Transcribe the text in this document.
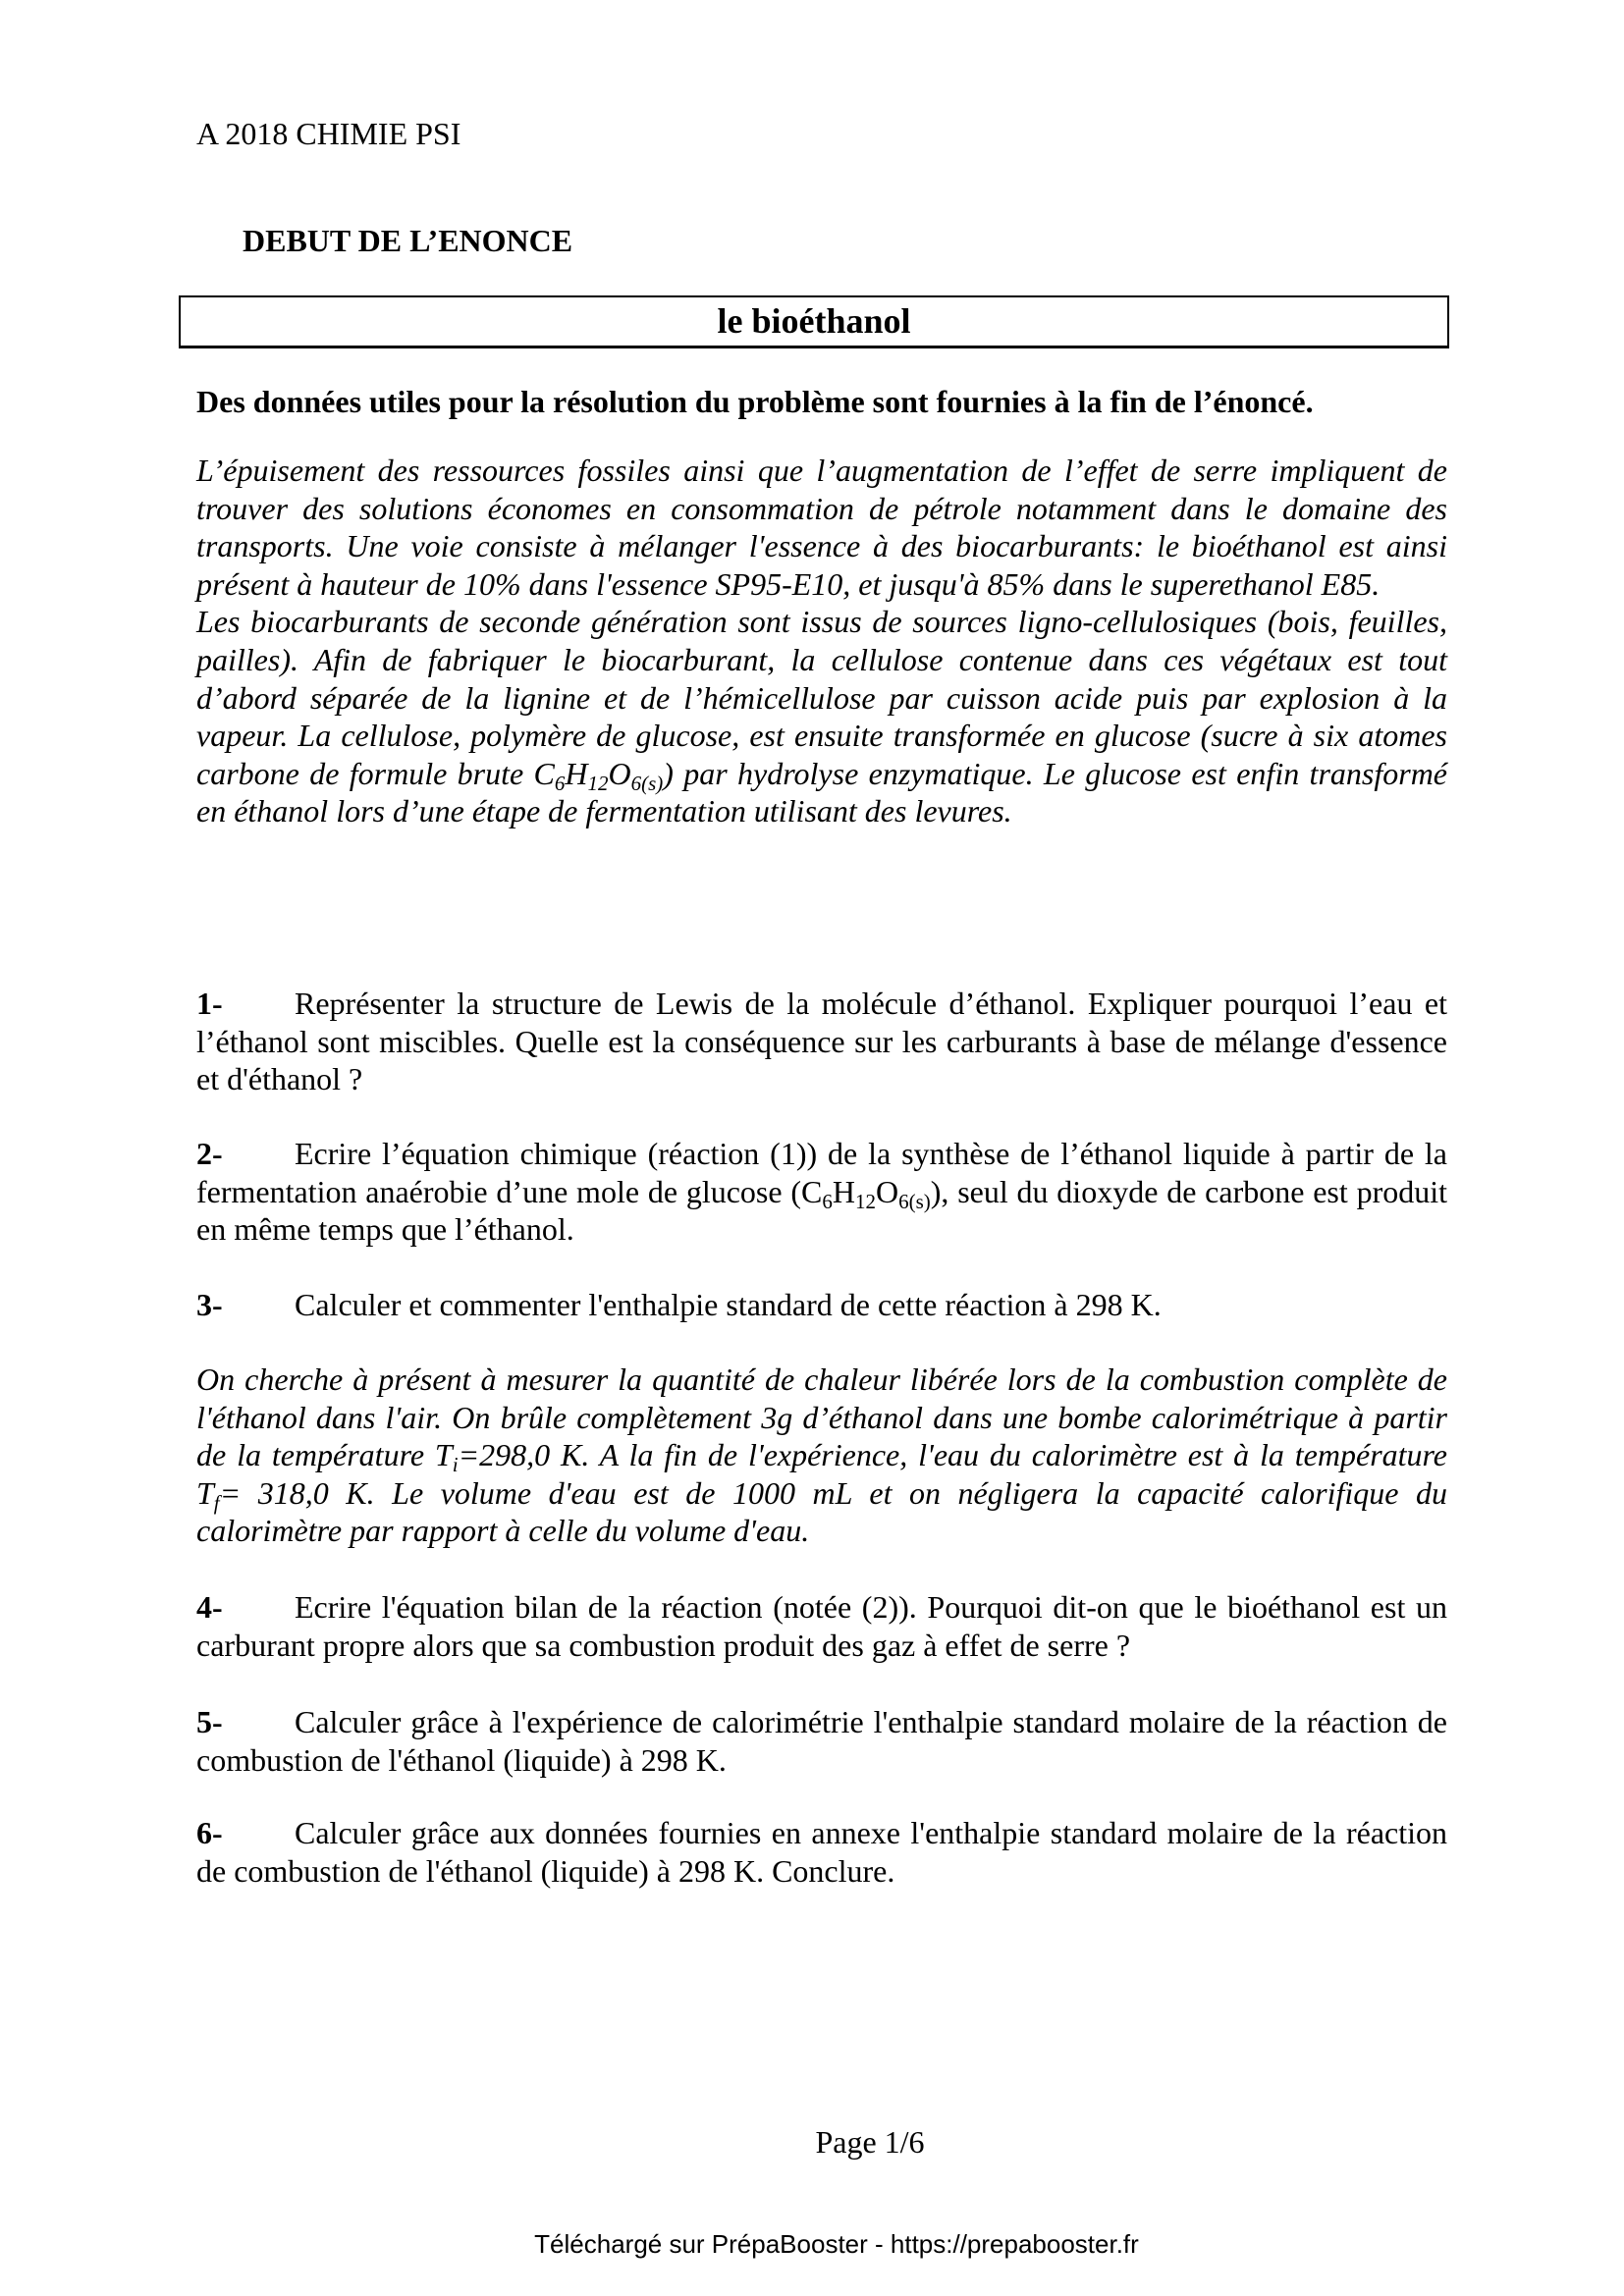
A 2018 CHIMIE PSI
DEBUT DE L’ENONCE
le bioéthanol

Des données utiles pour la résolution du problème sont fournies à la fin de l’énoncé.

L’épuisement des ressources fossiles ainsi que l’augmentation de l’effet de serre impliquent de trouver des solutions économes en consommation de pétrole notamment dans le domaine des transports. Une voie consiste à mélanger l'essence à des biocarburants: le bioéthanol est ainsi présent à hauteur de 10% dans l'essence SP95-E10, et jusqu'à 85% dans le superethanol E85.

Les biocarburants de seconde génération sont issus de sources ligno-cellulosiques (bois, feuilles, pailles). Afin de fabriquer le biocarburant, la cellulose contenue dans ces végétaux est tout d’abord séparée de la lignine et de l’hémicellulose par cuisson acide puis par explosion à la vapeur. La cellulose, polymère de glucose, est ensuite transformée en glucose (sucre à six atomes carbone de formule brute $C_6H_{12}O_{6(s)}$) par hydrolyse enzymatique. Le glucose est enfin transformé en éthanol lors d’une étape de fermentation utilisant des levures.

1- Représenter la structure de Lewis de la molécule d’éthanol. Expliquer pourquoi l’eau et l’éthanol sont miscibles. Quelle est la conséquence sur les carburants à base de mélange d'essence et d'éthanol ?

2- Ecrire l’équation chimique (réaction (1)) de la synthèse de l’éthanol liquide à partir de la fermentation anaérobie d’une mole de glucose $(C_6H_{12}O_{6(s)})$, seul du dioxyde de carbone est produit en même temps que l’éthanol.

3- Calculer et commenter l'enthalpie standard de cette réaction à 298 K.

On cherche à présent à mesurer la quantité de chaleur libérée lors de la combustion complète de l'éthanol dans l'air. On brûle complètement 3g d’éthanol dans une bombe calorimétrique à partir de la température $T_i=298,0$ K. A la fin de l'expérience, l'eau du calorimètre est à la température $T_f= 318,0$ K. Le volume d'eau est de 1000 mL et on négligera la capacité calorifique du calorimètre par rapport à celle du volume d'eau.

4- Ecrire l'équation bilan de la réaction (notée (2)). Pourquoi dit-on que le bioéthanol est un carburant propre alors que sa combustion produit des gaz à effet de serre ?

5- Calculer grâce à l'expérience de calorimétrie l'enthalpie standard molaire de la réaction de combustion de l'éthanol (liquide) à 298 K.

6- Calculer grâce aux données fournies en annexe l'enthalpie standard molaire de la réaction de combustion de l'éthanol (liquide) à 298 K. Conclure.

Page 1/6
Téléchargé sur PrépaBooster - https://prepabooster.fr
